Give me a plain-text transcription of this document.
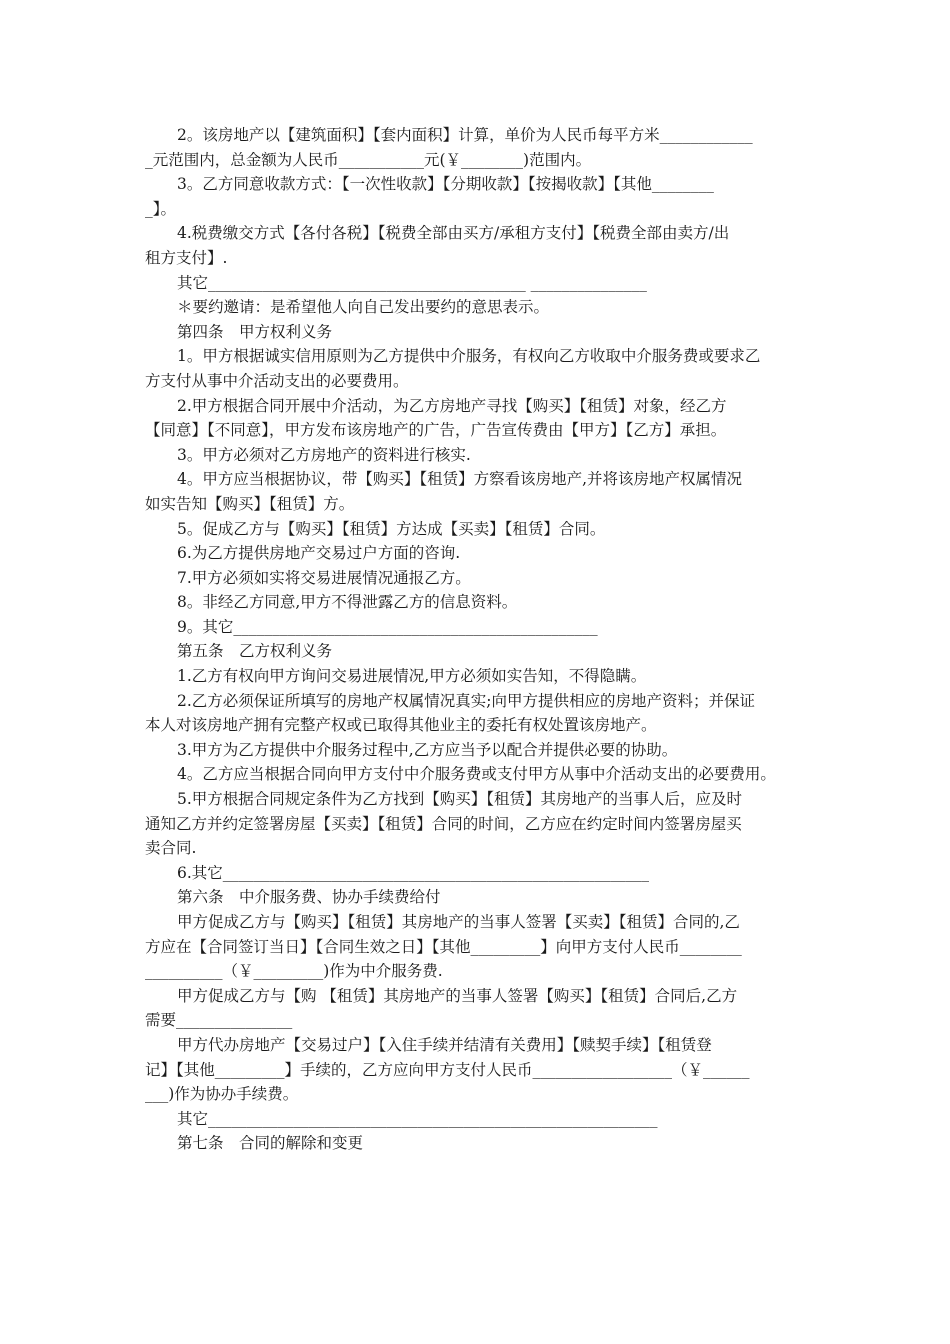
2。该房地产以【建筑面积】【套内面积】计算，单价为人民币每平方米____________
_元范围内，总金额为人民币___________元(￥________)范围内。
3。乙方同意收款方式：【一次性收款】【分期收款】【按揭收款】【其他________
_】。
4.税费缴交方式【各付各税】【税费全部由买方/承租方支付】【税费全部由卖方/出
租方支付】.
其它_________________________________________ _______________
＊要约邀请：是希望他人向自己发出要约的意思表示。
第四条　甲方权利义务
1。甲方根据诚实信用原则为乙方提供中介服务，有权向乙方收取中介服务费或要求乙
方支付从事中介活动支出的必要费用。
2.甲方根据合同开展中介活动，为乙方房地产寻找【购买】【租赁】对象，经乙方
【同意】【不同意】，甲方发布该房地产的广告，广告宣传费由【甲方】【乙方】承担。
3。甲方必须对乙方房地产的资料进行核实.
4。甲方应当根据协议，带【购买】【租赁】方察看该房地产,并将该房地产权属情况
如实告知【购买】【租赁】方。
5。促成乙方与【购买】【租赁】方达成【买卖】【租赁】合同。
6.为乙方提供房地产交易过户方面的咨询.
7.甲方必须如实将交易进展情况通报乙方。
8。非经乙方同意,甲方不得泄露乙方的信息资料。
9。其它_______________________________________________
第五条　乙方权利义务
1.乙方有权向甲方询问交易进展情况,甲方必须如实告知，不得隐瞒。
2.乙方必须保证所填写的房地产权属情况真实;向甲方提供相应的房地产资料；并保证
本人对该房地产拥有完整产权或已取得其他业主的委托有权处置该房地产。
3.甲方为乙方提供中介服务过程中,乙方应当予以配合并提供必要的协助。
4。乙方应当根据合同向甲方支付中介服务费或支付甲方从事中介活动支出的必要费用。
5.甲方根据合同规定条件为乙方找到【购买】【租赁】其房地产的当事人后，应及时
通知乙方并约定签署房屋【买卖】【租赁】合同的时间，乙方应在约定时间内签署房屋买
卖合同.
6.其它_______________________________________________________
第六条　中介服务费、协办手续费给付
甲方促成乙方与【购买】【租赁】其房地产的当事人签署【买卖】【租赁】合同的,乙
方应在【合同签订当日】【合同生效之日】【其他_________】向甲方支付人民币________
__________（￥_________)作为中介服务费.
甲方促成乙方与【购 【租赁】其房地产的当事人签署【购买】【租赁】合同后,乙方
需要_______________
甲方代办房地产【交易过户】【入住手续并结清有关费用】【赎契手续】【租赁登
记】【其他_________】手续的，乙方应向甲方支付人民币__________________（￥______
___)作为协办手续费。
其它__________________________________________________________
第七条　合同的解除和变更
